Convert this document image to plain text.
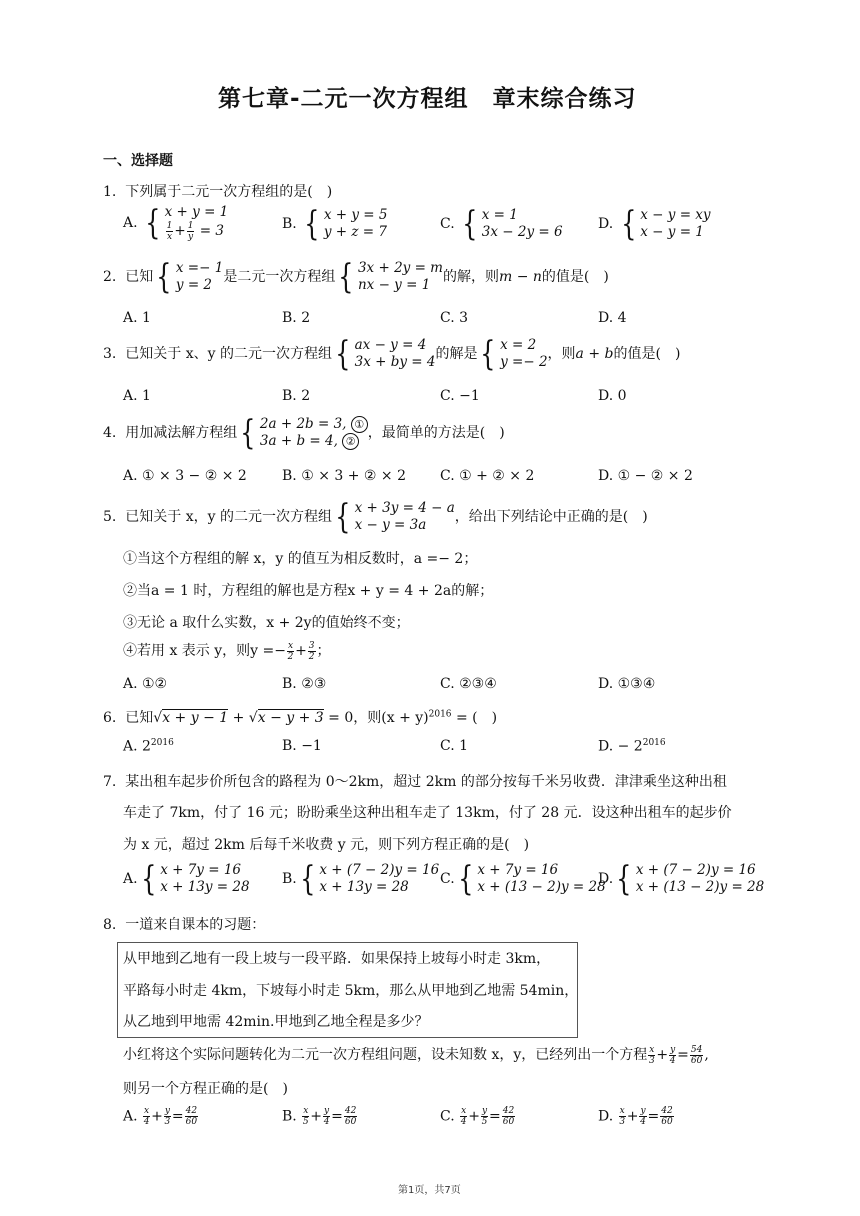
第七章-二元一次方程组　章末综合练习
一、选择题
1. 下列属于二元一次方程组的是(　)
A. { x + y = 1
$\frac{1}{x} + \frac{1}{y} = 3$	B. { x + y = 5
y + z = 7	C. { x = 1
3x − 2y = 6	D. { x − y = xy
x − y = 1
2. 已知 { x =− 1
y = 2 是二元一次方程组 { 3x + 2y = m
nx − y = 1 的解，则m − n的值是(　)
A. 1	B. 2	C. 3	D. 4
3. 已知关于 x、y 的二元一次方程组 { ax − y = 4
3x + by = 4 的解是 { x = 2
y =− 2 ，则a + b的值是(　)
A. 1	B. 2	C. −1	D. 0
4. 用加减法解方程组 { 2a + 2b = 3, ①
3a + b = 4, ②
，最简单的方法是(　)
A. ① × 3 − ② × 2	B. ① × 3 + ② × 2 C. ① + ② × 2	D. ① − ② × 2
5. 已知关于 x，y 的二元一次方程组 { x + 3y = 4 − a
x − y = 3a	，给出下列结论中正确的是(　)
①当这个方程组的解 x，y 的值互为相反数时，a =− 2；
②当a = 1 时，方程组的解也是方程x + y = 4 + 2a的解；
③无论 a 取什么实数，x + 2y的值始终不变；
④若用 x 表示 y，则$y =- \frac{x}{2} + \frac{3}{2}$ ；
A. ①②	B. ②③	C. ②③④	D. ①③④
6. 已知√x + y − 1 + √x − y + 3 = 0，则$(x + y)^{2016}$ = (　)
A. $2^{2016}$	B. −1	C. 1	D. − $2^{2016}$
7. 某出租车起步价所包含的路程为 0～2km，超过 2km 的部分按每千米另收费．津津乘坐这种出租
车走了 7km，付了 16 元；盼盼乘坐这种出租车走了 13km，付了 28 元．设这种出租车的起步价
为 x 元，超过 2km 后每千米收费 y 元，则下列方程正确的是(　)
A. { x + 7y = 16
x + 13y = 28 B. { x + (7 − 2)y = 16
x + 13y = 28	C. { x + 7y = 16
x + (13 − 2)y = 28
D. { x + (7 − 2)y = 16
x + (13 − 2)y = 28
8. 一道来自课本的习题：
从甲地到乙地有一段上坡与一段平路．如果保持上坡每小时走 3km，
平路每小时走 4km，下坡每小时走 5km，那么从甲地到乙地需 54min，
从乙地到甲地需 42min.甲地到乙地全程是多少？
小红将这个实际问题转化为二元一次方程组问题，设未知数 x，y，已经列出一个方程 $\frac{x}{3} + \frac{y}{4} = \frac{54}{60}$ ,
则另一个方程正确的是(　)
A. $\frac{x}{4} + \frac{y}{3} = \frac{42}{60}$	B. $\frac{x}{5} + \frac{y}{4} = \frac{42}{60}$	C. $\frac{x}{4} + \frac{y}{5} = \frac{42}{60}$	D. $\frac{x}{3} + \frac{y}{4} = \frac{42}{60}$
第1页，共7页
